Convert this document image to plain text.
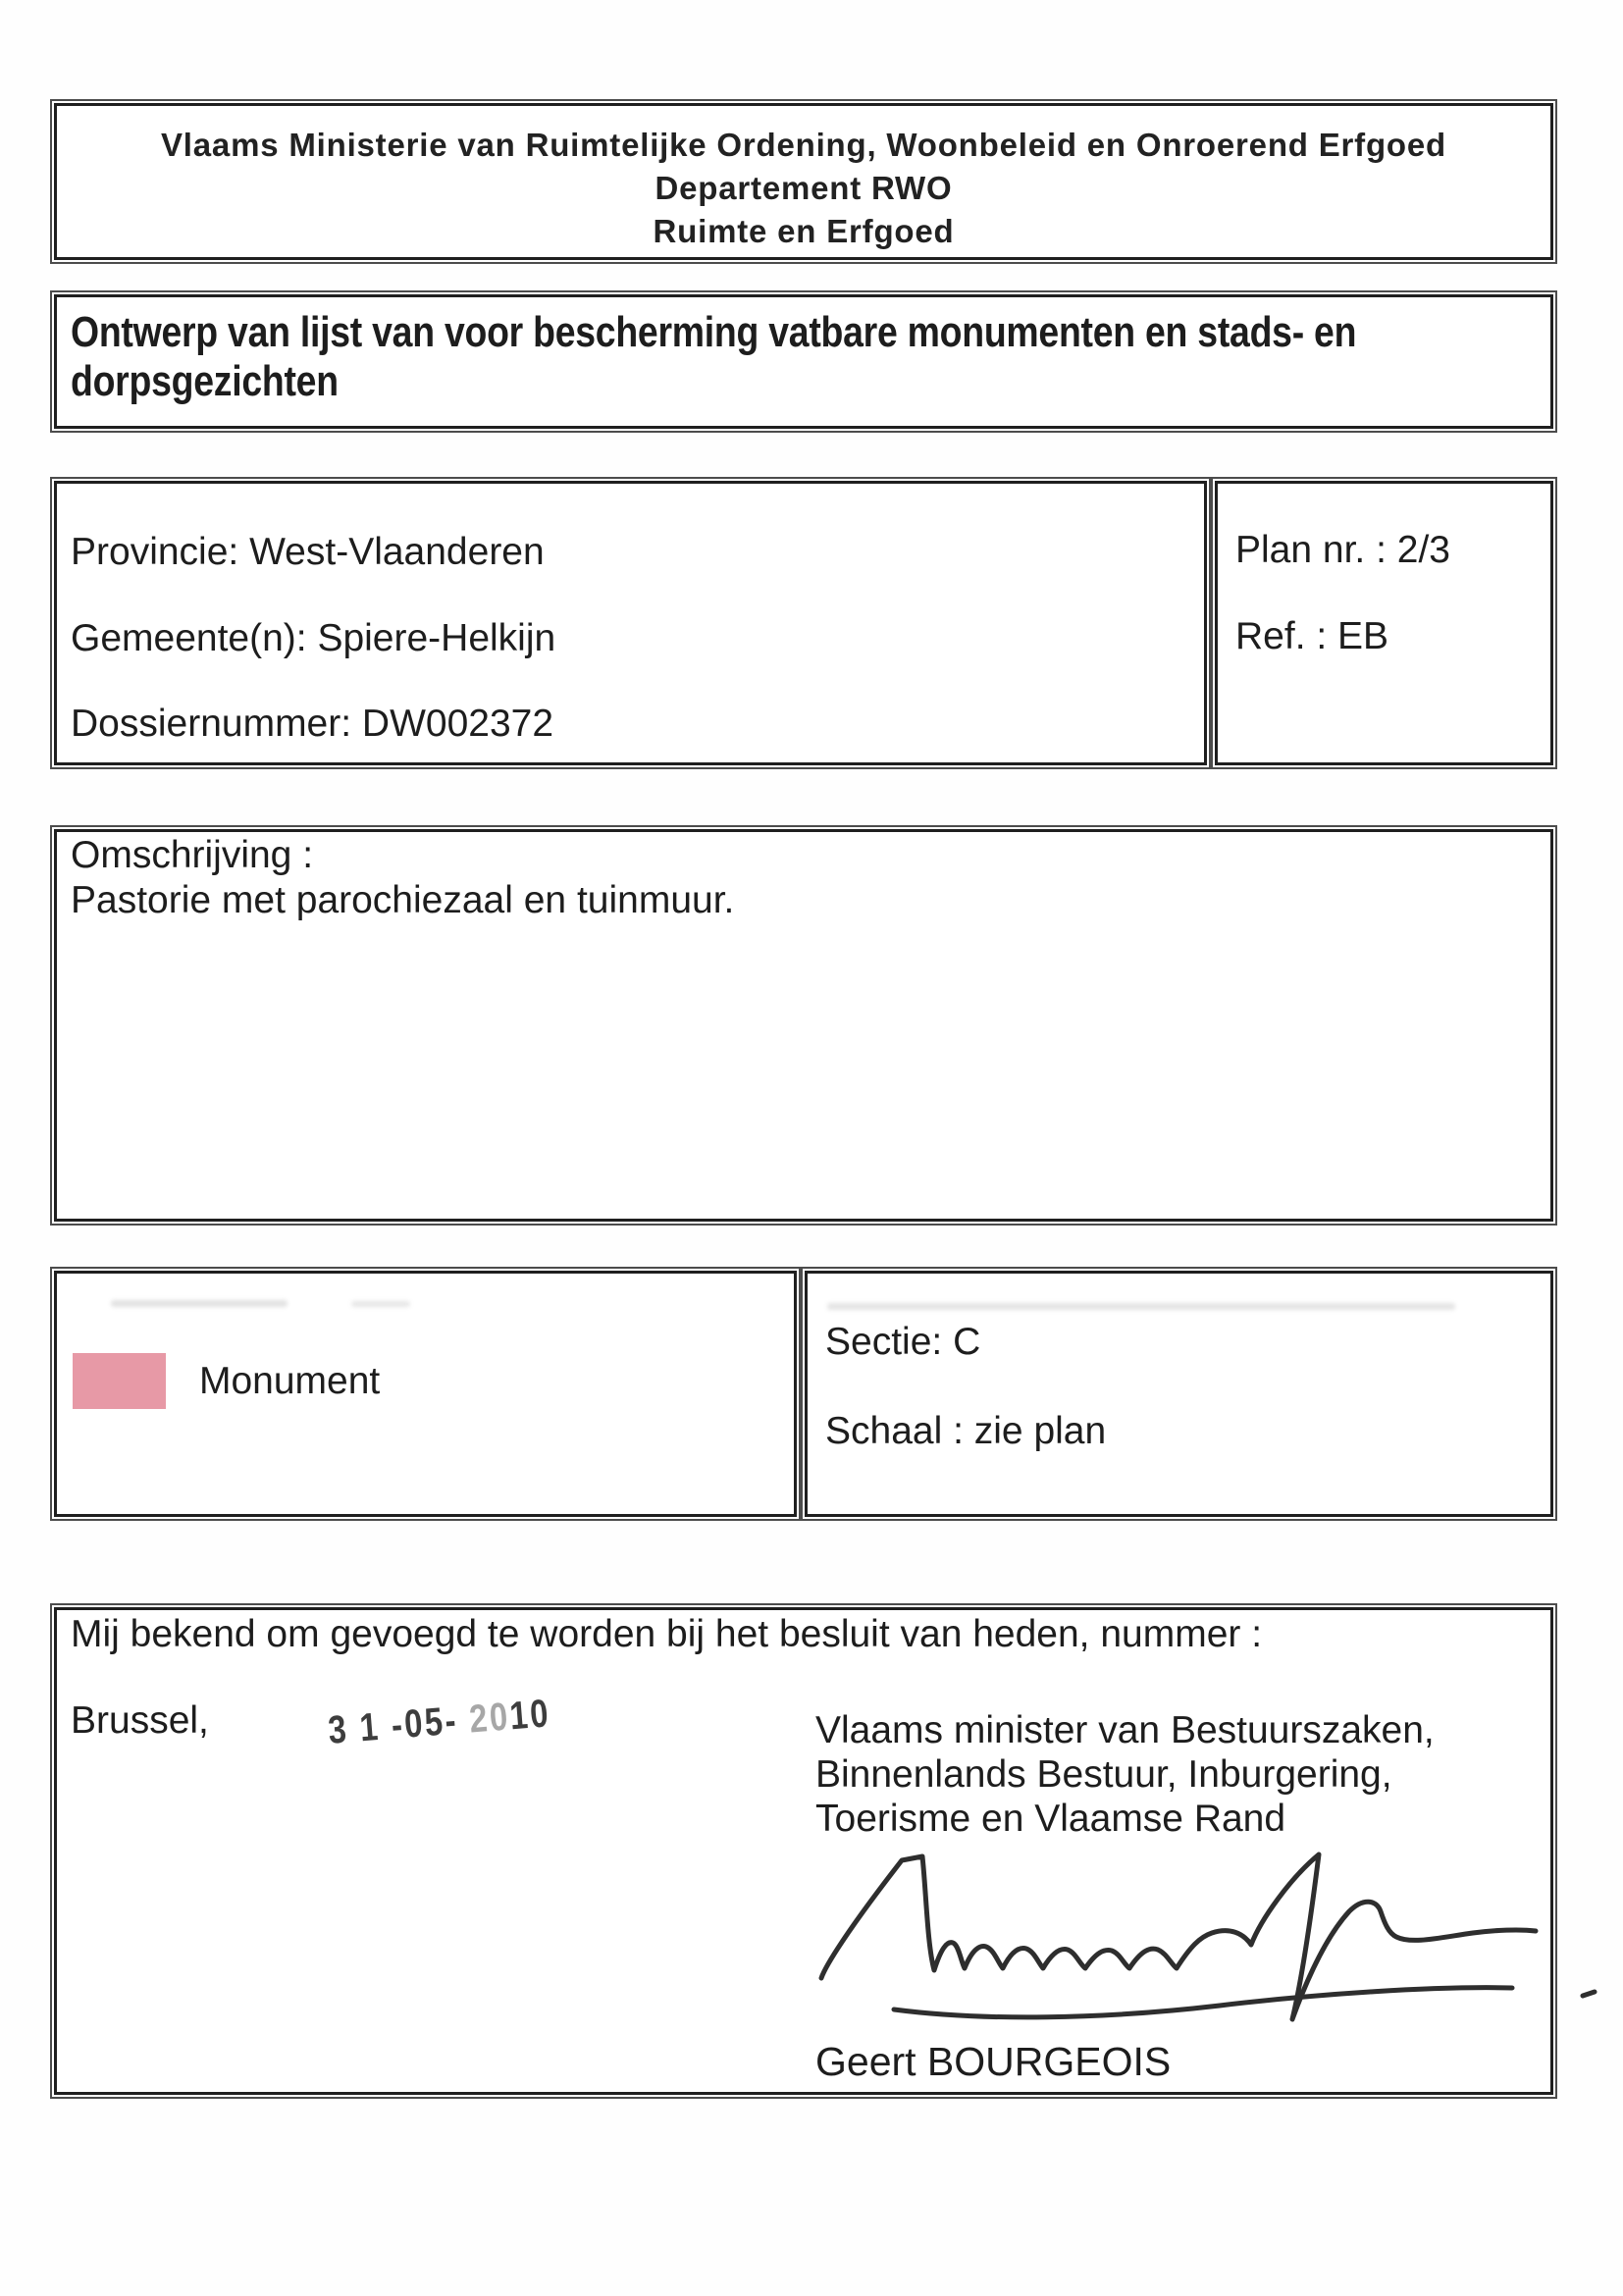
Vlaams Ministerie van Ruimtelijke Ordening, Woonbeleid en Onroerend Erfgoed
Departement RWO
Ruimte en Erfgoed
Ontwerp van lijst van voor bescherming vatbare monumenten en stads- en
dorpsgezichten
Provincie: West-Vlaanderen
Gemeente(n): Spiere-Helkijn
Dossiernummer: DW002372
Plan nr. : 2/3
Ref. : EB
Omschrijving :
Pastorie met parochiezaal en tuinmuur.
Monument
Sectie: C
Schaal : zie plan
Mij bekend om gevoegd te worden bij het besluit van heden, nummer :
Brussel,	3 1 -05- 2010	Vlaams minister van Bestuurszaken,
Binnenlands Bestuur, Inburgering,
Toerisme en Vlaamse Rand
Geert BOURGEOIS
